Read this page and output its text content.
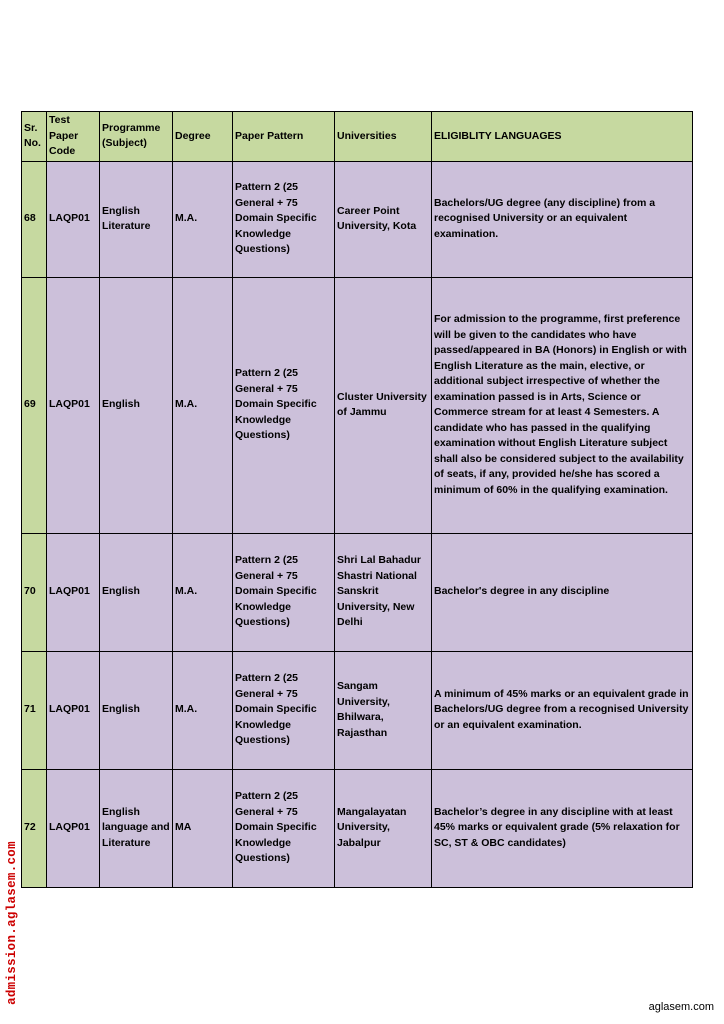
Sr. No.	Test Paper Code	Programme (Subject)	Degree	Paper Pattern	Universities	ELIGIBLITY LANGUAGES
68	LAQP01	English Literature	M.A.	Pattern 2 (25 General + 75 Domain Specific Knowledge Questions)	Career Point University, Kota	Bachelors/UG degree (any discipline) from a recognised University or an equivalent examination.
69	LAQP01	English	M.A.	Pattern 2 (25 General + 75 Domain Specific Knowledge Questions)	Cluster University of Jammu	For admission to the programme, first preference will be given to the candidates who have passed/appeared in BA (Honors) in English or with English Literature as the main, elective, or additional subject irrespective of whether the examination passed is in Arts, Science or Commerce stream for at least 4 Semesters. A candidate who has passed in the qualifying examination without English Literature subject shall also be considered subject to the availability of seats, if any, provided he/she has scored a minimum of 60% in the qualifying examination.
70	LAQP01	English	M.A.	Pattern 2 (25 General + 75 Domain Specific Knowledge Questions)	Shri Lal Bahadur Shastri National Sanskrit University, New Delhi	Bachelor's degree in any discipline
71	LAQP01	English	M.A.	Pattern 2 (25 General + 75 Domain Specific Knowledge Questions)	Sangam University, Bhilwara, Rajasthan	A minimum of 45% marks or an equivalent grade in Bachelors/UG degree from a recognised University or an equivalent examination.
72	LAQP01	English language and Literature	MA	Pattern 2 (25 General + 75 Domain Specific Knowledge Questions)	Mangalayatan University, Jabalpur	Bachelor’s degree in any discipline with at least 45% marks or equivalent grade (5% relaxation for SC, ST & OBC candidates)
admission.aglasem.com
aglasem.com
